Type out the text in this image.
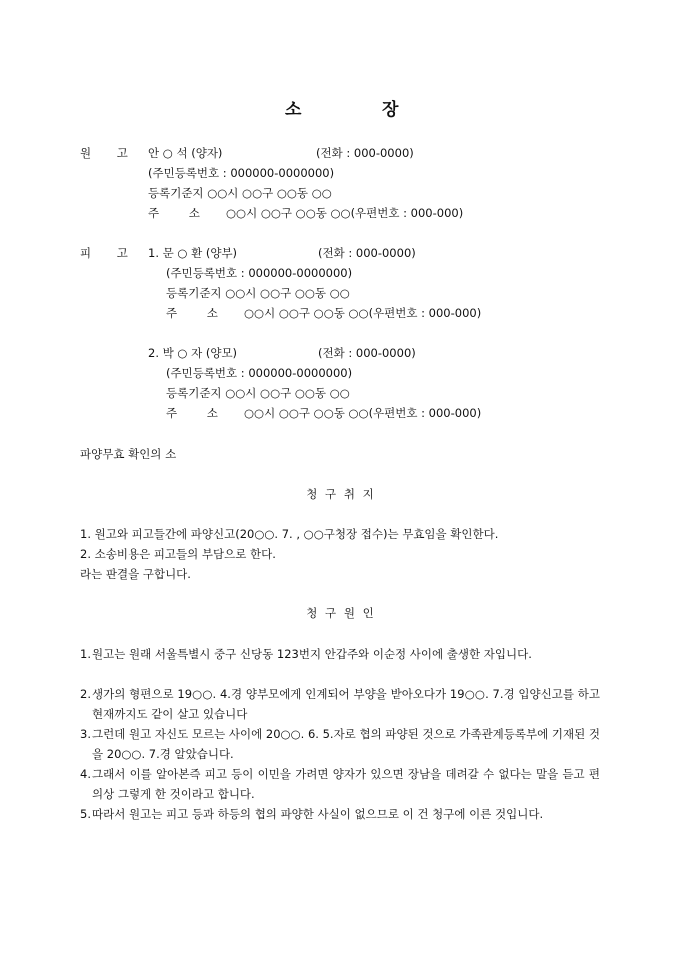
소	장
원 고 안 ○ 석 (양자)	(전화 : 000-0000)
(주민등록번호 : 000000-0000000)
등록기준지 ○○시 ○○구 ○○동 ○○
주 소 ○○시 ○○구 ○○동 ○○(우편번호 : 000-000)
피 고 1. 문 ○ 환 (양부)	(전화 : 000-0000)
(주민등록번호 : 000000-0000000)
등록기준지 ○○시 ○○구 ○○동 ○○
주 소 ○○시 ○○구 ○○동 ○○(우편번호 : 000-000)
2. 박 ○ 자 (양모)	(전화 : 000-0000)
(주민등록번호 : 000000-0000000)
등록기준지 ○○시 ○○구 ○○동 ○○
주 소 ○○시 ○○구 ○○동 ○○(우편번호 : 000-000)
파양무효 확인의 소
청 구 취 지
1. 원고와 피고들간에 파양신고(20○○. 7. , ○○구청장 접수)는 무효임을 확인한다.
2. 소송비용은 피고들의 부담으로 한다.
라는 판결을 구합니다.
청 구 원 인
1. 원고는 원래 서울특별시 중구 신당동 123번지 안갑주와 이순정 사이에 출생한 자입니다.
2. 생가의 형편으로 19○○. 4.경 양부모에게 인계되어 부양을 받아오다가 19○○. 7.경 입양신고를 하고 현재까지도 같이 살고 있습니다
3. 그런데 원고 자신도 모르는 사이에 20○○. 6. 5.자로 협의 파양된 것으로 가족관계등록부에 기재된 것을 20○○. 7.경 알았습니다.
4. 그래서 이를 알아본즉 피고 등이 이민을 가려면 양자가 있으면 장남을 데려갈 수 없다는 말을 듣고 편의상 그렇게 한 것이라고 합니다.
5. 따라서 원고는 피고 등과 하등의 협의 파양한 사실이 없으므로 이 건 청구에 이른 것입니다.
